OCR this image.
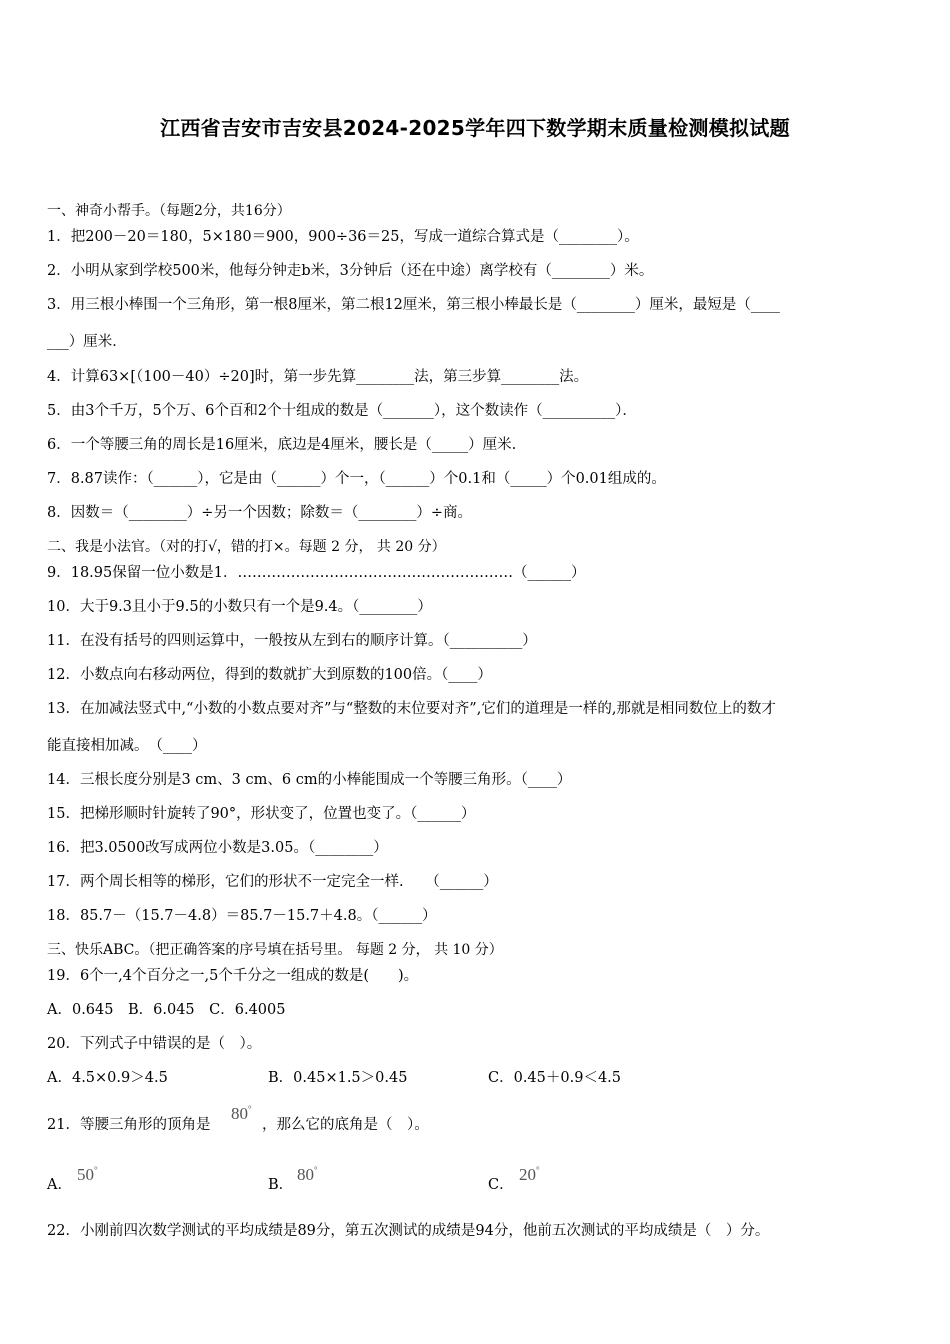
江西省吉安市吉安县2024-2025学年四下数学期末质量检测模拟试题
一、神奇小帮手。（每题2分，共16分）
1．把200－20＝180，5×180＝900，900÷36＝25，写成一道综合算式是（________）。
2．小明从家到学校500米，他每分钟走b米，3分钟后（还在中途）离学校有（________）米。
3．用三根小棒围一个三角形，第一根8厘米，第二根12厘米，第三根小棒最长是（________）厘米，最短是（____
___）厘米．
4．计算63×[（100－40）÷20]时，第一步先算________法，第三步算________法。
5．由3个千万，5个万、6个百和2个十组成的数是（_______），这个数读作（__________）．
6．一个等腰三角的周长是16厘米，底边是4厘米，腰长是（_____）厘米.
7．8.87读作：（______），它是由（______）个一，（______）个0.1和（_____）个0.01组成的。
8．因数＝（________）÷另一个因数；除数＝（________）÷商。
二、我是小法官。（对的打√，错的打×。每题 2 分， 共 20 分）
9．18.95保留一位小数是1．…………………………………………………（______）
10．大于9.3且小于9.5的小数只有一个是9.4。（________）
11．在没有括号的四则运算中，一般按从左到右的顺序计算。（__________）
12．小数点向右移动两位，得到的数就扩大到原数的100倍。（____）
13．在加减法竖式中,“小数的小数点要对齐”与“整数的末位要对齐”,它们的道理是一样的,那就是相同数位上的数才
能直接相加减。　（____）
14．三根长度分别是3 cm、3 cm、6 cm的小棒能围成一个等腰三角形。（____）
15．把梯形顺时针旋转了90°，形状变了，位置也变了。（______）
16．把3.0500改写成两位小数是3.05。（________）
17．两个周长相等的梯形，它们的形状不一定完全一样.　　（______）
18．85.7－（15.7－4.8）＝85.7－15.7＋4.8。（______）
三、快乐ABC。（把正确答案的序号填在括号里。 每题 2 分， 共 10 分）
19．6个一,4个百分之一,5个千分之一组成的数是(　　)。
A．0.645　B．6.045　C．6.4005
20．下列式子中错误的是（　）。
A．4.5×0.9＞4.5	B．0.45×1.5＞0.45	C．0.45＋0.9＜4.5
21．等腰三角形的顶角是
80°
，那么它的底角是（　）。
A．
50°
B．
80°
C．
20°
22．小刚前四次数学测试的平均成绩是89分，第五次测试的成绩是94分，他前五次测试的平均成绩是（　）分。
